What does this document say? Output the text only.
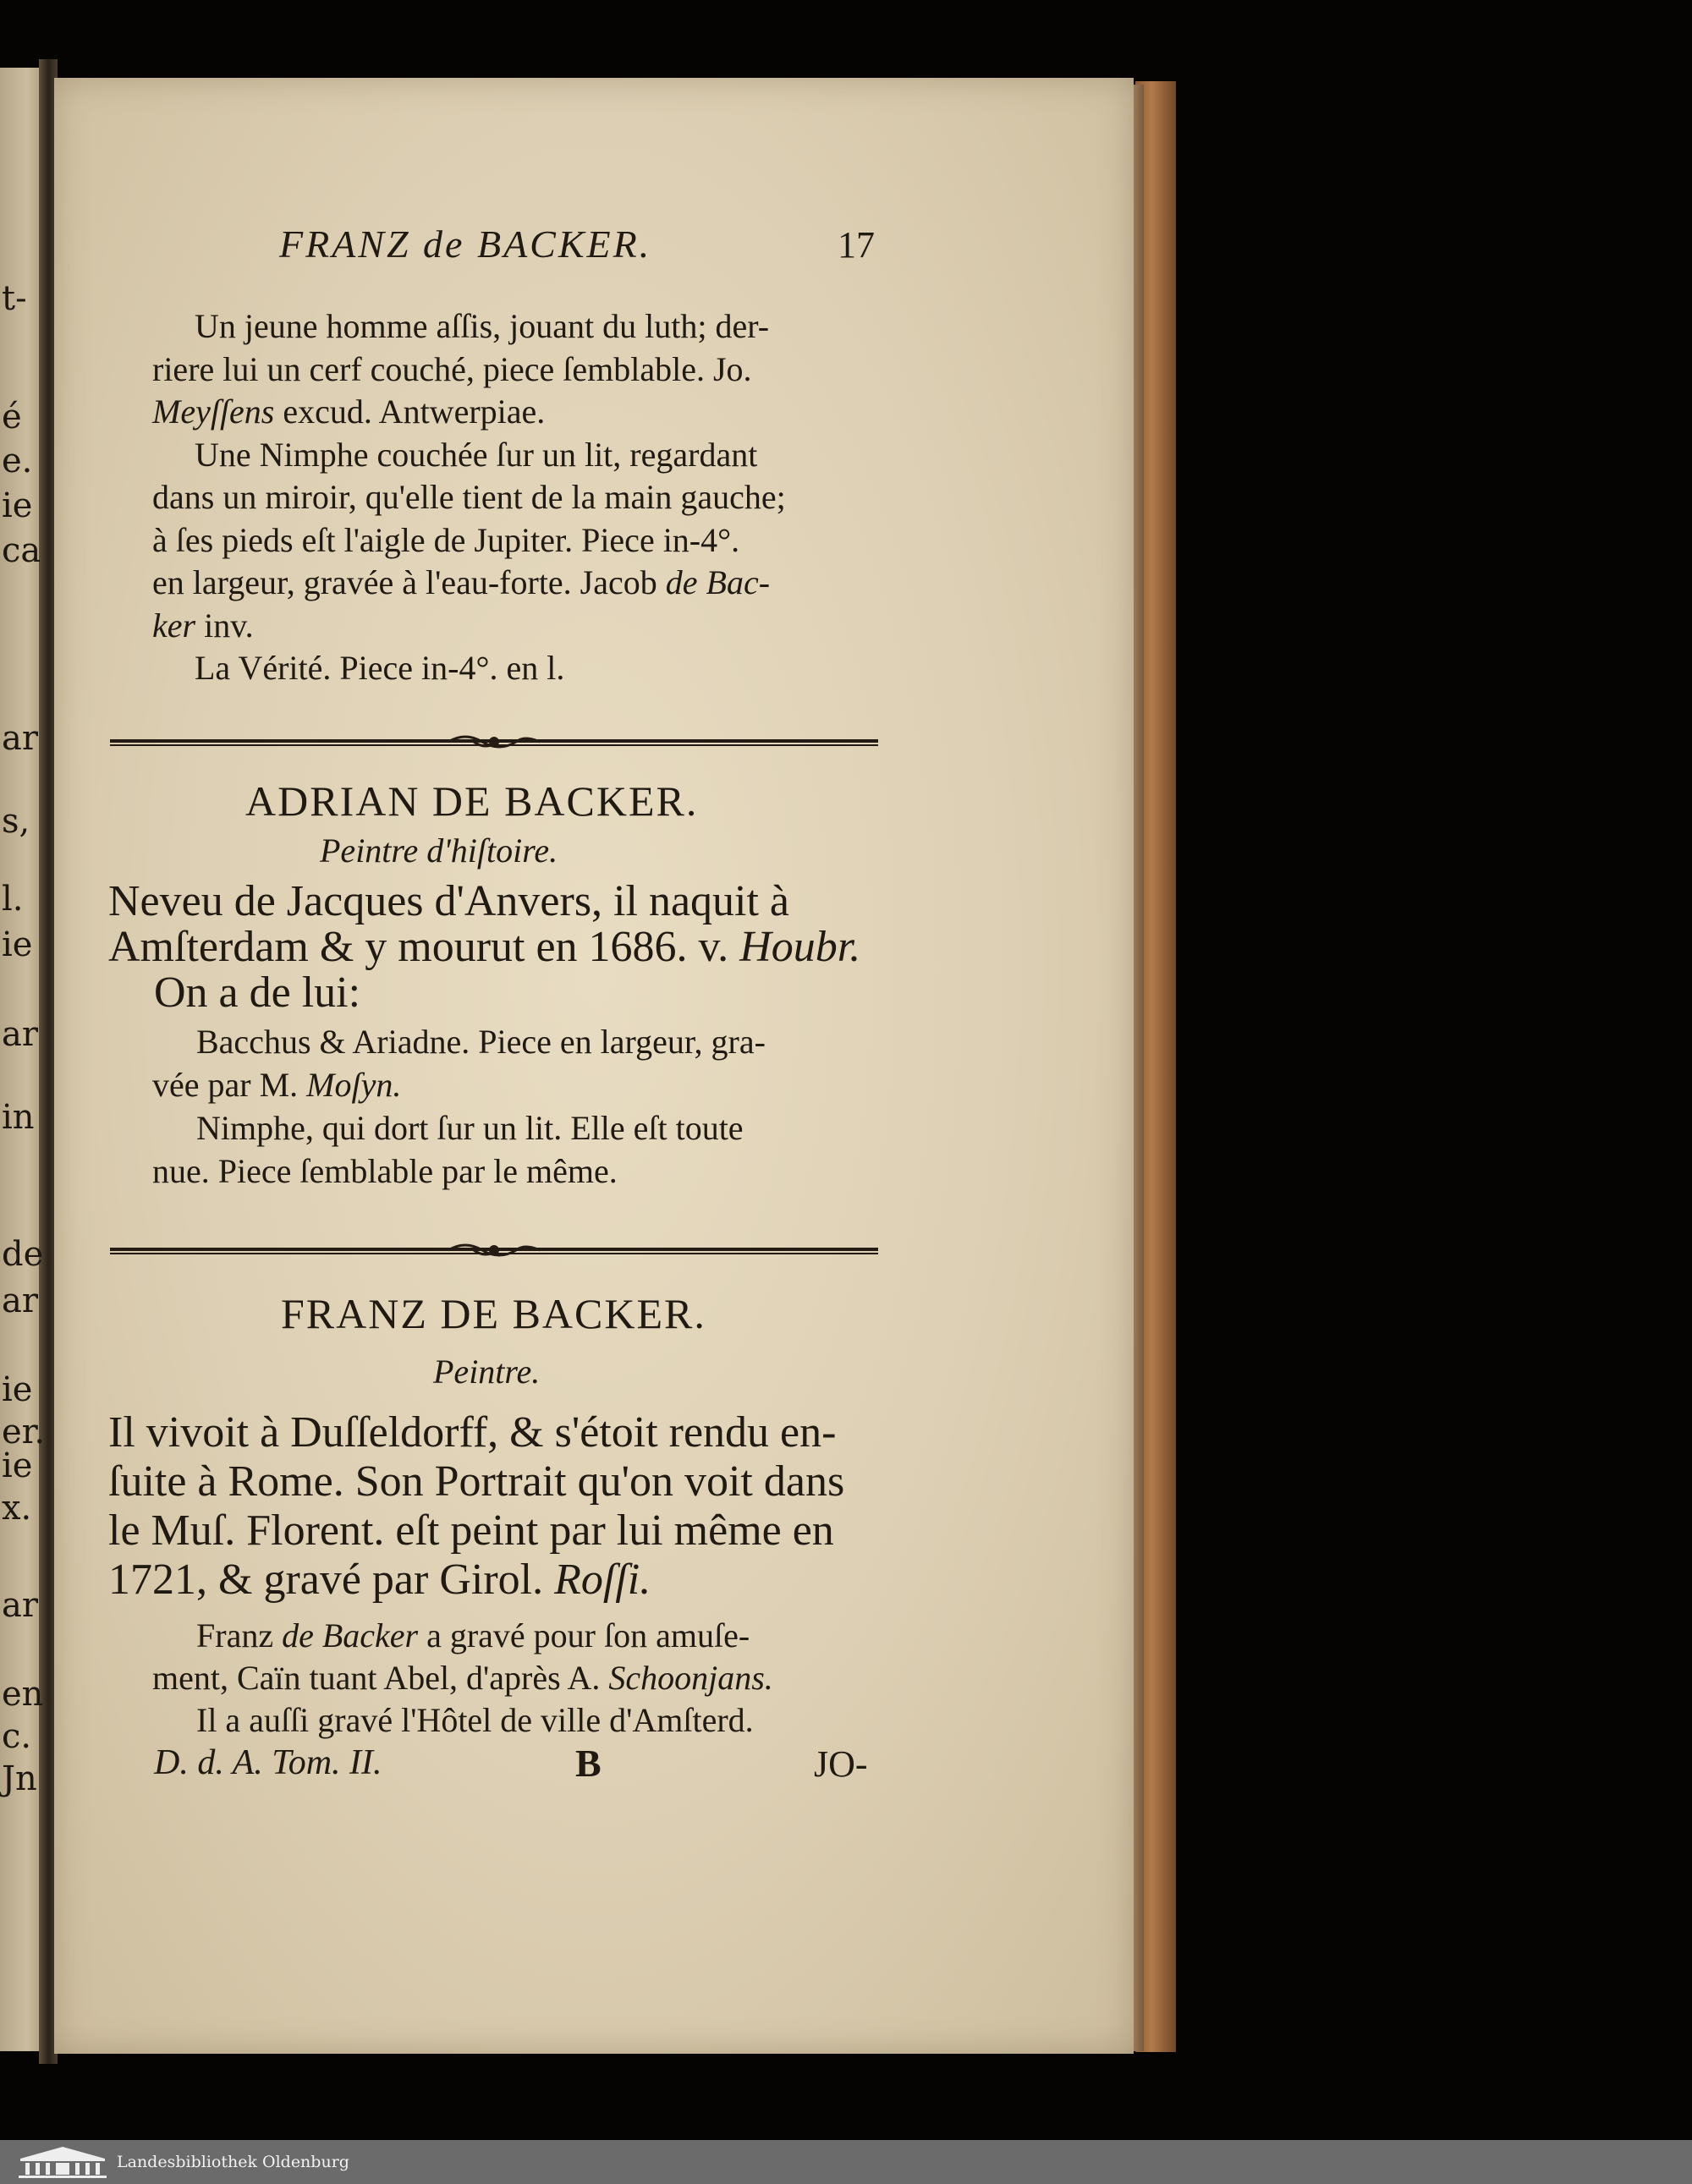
t-
é
e.
ie
ca
ar
s,
l.
ie
ar
in
de
ar
ie
er.
ie
x.
ar
en
c.
Jn
FRANZ de BACKER.	17
Un jeune homme aſſis, jouant du luth; der-
riere lui un cerf couché, piece ſemblable. Jo.
Meyſſens excud. Antwerpiae.
Une Nimphe couchée ſur un lit, regardant
dans un miroir, qu'elle tient de la main gauche;
à ſes pieds eſt l'aigle de Jupiter. Piece in-4°.
en largeur, gravée à l'eau-forte. Jacob de Bac-
ker inv.
La Vérité. Piece in-4°. en l.
ADRIAN DE BACKER.
Peintre d'hiſtoire.
Neveu de Jacques d'Anvers, il naquit à
Amſterdam & y mourut en 1686. v. Houbr.
On a de lui:
Bacchus & Ariadne. Piece en largeur, gra-
vée par M. Moſyn.
Nimphe, qui dort ſur un lit. Elle eſt toute
nue. Piece ſemblable par le même.
FRANZ DE BACKER.
Peintre.
Il vivoit à Duſſeldorff, & s'étoit rendu en-
ſuite à Rome. Son Portrait qu'on voit dans
le Muſ. Florent. eſt peint par lui même en
1721, & gravé par Girol. Roſſi.
Franz de Backer a gravé pour ſon amuſe-
ment, Caïn tuant Abel, d'après A. Schoonjans.
Il a auſſi gravé l'Hôtel de ville d'Amſterd.
D. d. A. Tom. II.	B	JO-
Landesbibliothek Oldenburg
